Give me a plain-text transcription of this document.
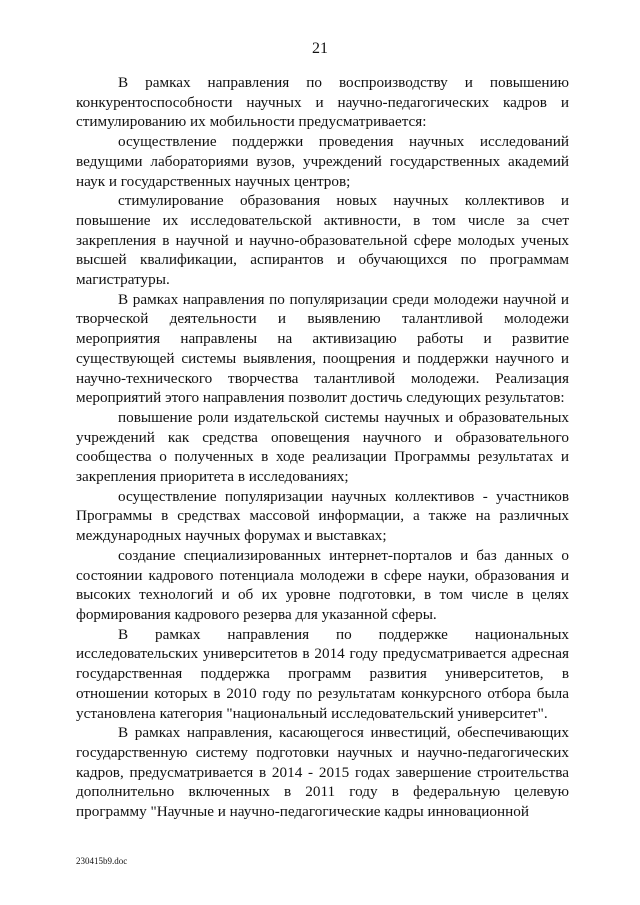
21

В рамках направления по воспроизводству и повышению конкурентоспособности научных и научно-педагогических кадров и стимулированию их мобильности предусматривается:

осуществление поддержки проведения научных исследований ведущими лабораториями вузов, учреждений государственных академий наук и государственных научных центров;

стимулирование образования новых научных коллективов и повышение их исследовательской активности, в том числе за счет закрепления в научной и научно-образовательной сфере молодых ученых высшей квалификации, аспирантов и обучающихся по программам магистратуры.

В рамках направления по популяризации среди молодежи научной и творческой деятельности и выявлению талантливой молодежи мероприятия направлены на активизацию работы и развитие существующей системы выявления, поощрения и поддержки научного и научно-технического творчества талантливой молодежи. Реализация мероприятий этого направления позволит достичь следующих результатов:

повышение роли издательской системы научных и образовательных учреждений как средства оповещения научного и образовательного сообщества о полученных в ходе реализации Программы результатах и закрепления приоритета в исследованиях;

осуществление популяризации научных коллективов - участников Программы в средствах массовой информации, а также на различных международных научных форумах и выставках;

создание специализированных интернет-порталов и баз данных о состоянии кадрового потенциала молодежи в сфере науки, образования и высоких технологий и об их уровне подготовки, в том числе в целях формирования кадрового резерва для указанной сферы.

В рамках направления по поддержке национальных исследовательских университетов в 2014 году предусматривается адресная государственная поддержка программ развития университетов, в отношении которых в 2010 году по результатам конкурсного отбора была установлена категория "национальный исследовательский университет".

В рамках направления, касающегося инвестиций, обеспечивающих государственную систему подготовки научных и научно-педагогических кадров, предусматривается в 2014 - 2015 годах завершение строительства дополнительно включенных в 2011 году в федеральную целевую программу "Научные и научно-педагогические кадры инновационной

230415b9.doc
